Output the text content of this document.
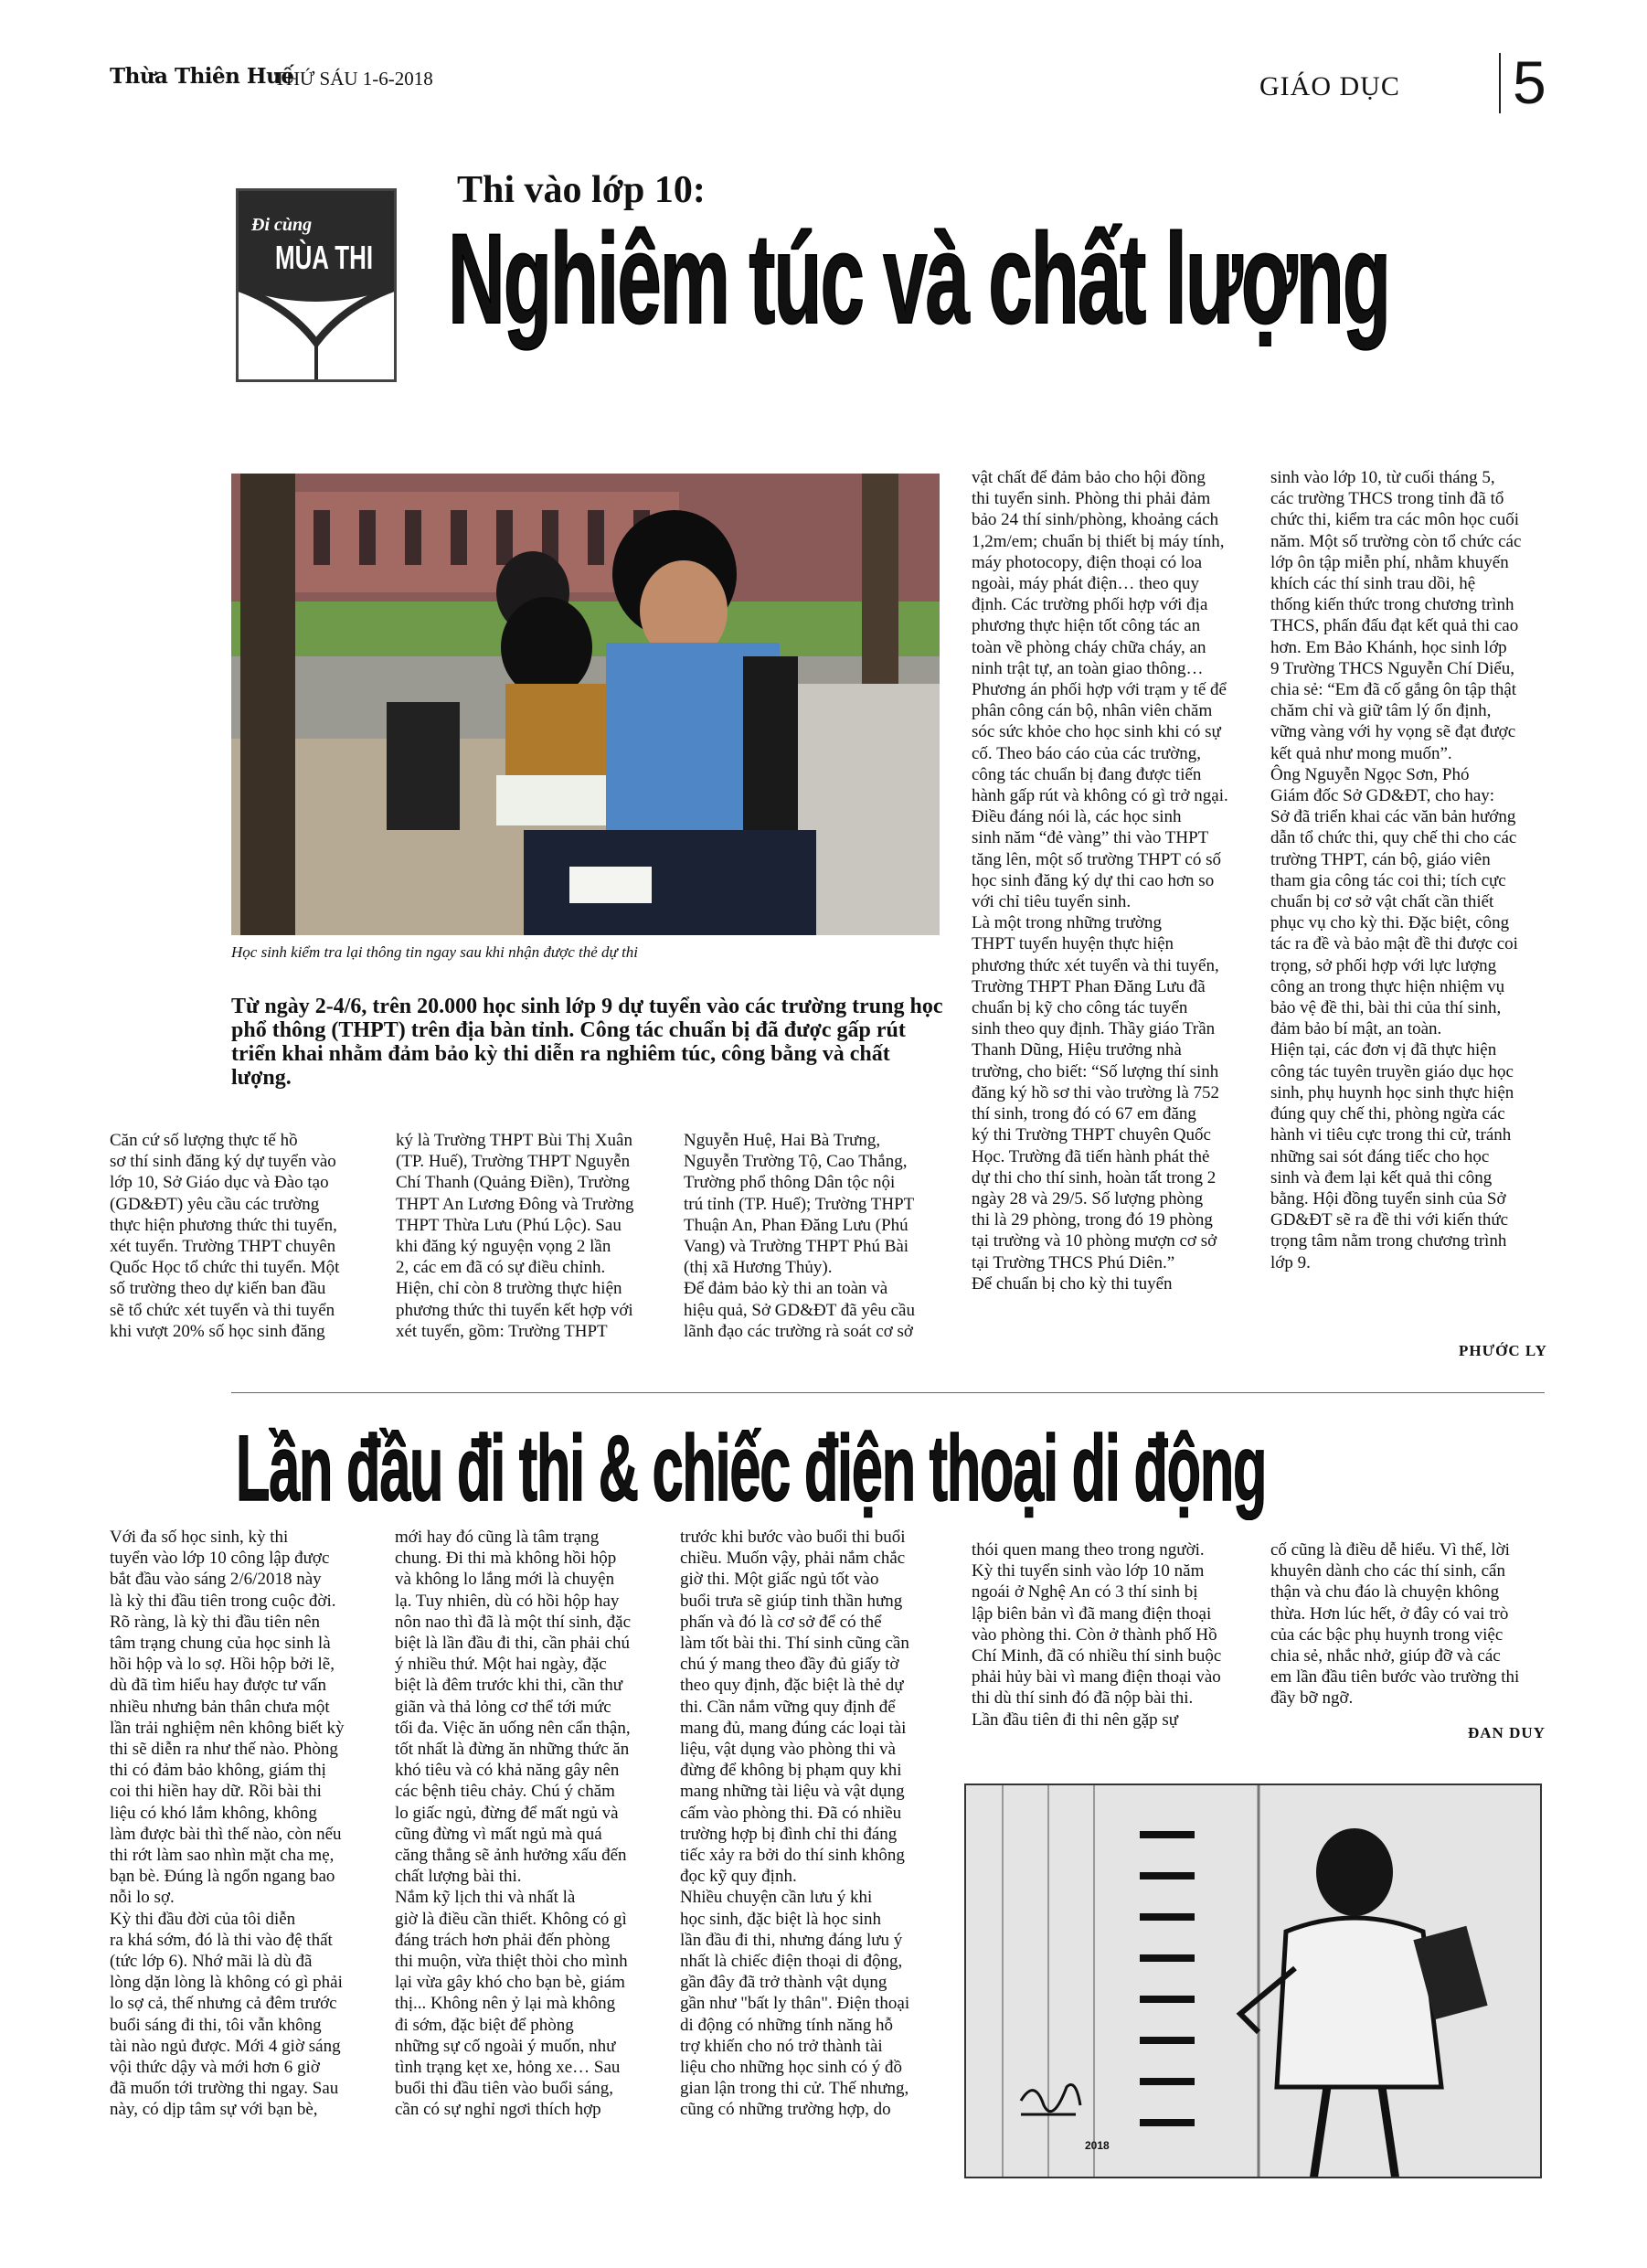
Thừa Thiên Huế
THỨ SÁU 1-6-2018	GIÁO DỤC 5
Đi cùng
MÙA THI
Thi vào lớp 10:
Nghiêm túc và chất lượng
Học sinh kiểm tra lại thông tin ngay sau khi nhận được thẻ dự thi
Từ ngày 2-4/6, trên 20.000 học sinh lớp 9 dự tuyển vào các trường trung học phổ thông (THPT) trên địa bàn tỉnh. Công tác chuẩn bị đã được gấp rút triển khai nhằm đảm bảo kỳ thi diễn ra nghiêm túc, công bằng và chất lượng.
Căn cứ số lượng thực tế hồ
sơ thí sinh đăng ký dự tuyển vào
lớp 10, Sở Giáo dục và Đào tạo
(GD&ĐT) yêu cầu các trường
thực hiện phương thức thi tuyển,
xét tuyển. Trường THPT chuyên
Quốc Học tổ chức thi tuyển. Một
số trường theo dự kiến ban đầu
sẽ tổ chức xét tuyển và thi tuyển
khi vượt 20% số học sinh đăng
ký là Trường THPT Bùi Thị Xuân
(TP. Huế), Trường THPT Nguyễn
Chí Thanh (Quảng Điền), Trường
THPT An Lương Đông và Trường
THPT Thừa Lưu (Phú Lộc). Sau
khi đăng ký nguyện vọng 2 lần
2, các em đã có sự điều chỉnh.
Hiện, chỉ còn 8 trường thực hiện
phương thức thi tuyển kết hợp với
xét tuyển, gồm: Trường THPT
Nguyễn Huệ, Hai Bà Trưng,
Nguyễn Trường Tộ, Cao Thắng,
Trường phổ thông Dân tộc nội
trú tỉnh (TP. Huế); Trường THPT
Thuận An, Phan Đăng Lưu (Phú
Vang) và Trường THPT Phú Bài
(thị xã Hương Thủy).
Để đảm bảo kỳ thi an toàn và
hiệu quả, Sở GD&ĐT đã yêu cầu
lãnh đạo các trường rà soát cơ sở
vật chất để đảm bảo cho hội đồng
thi tuyển sinh. Phòng thi phải đảm
bảo 24 thí sinh/phòng, khoảng cách
1,2m/em; chuẩn bị thiết bị máy tính,
máy photocopy, điện thoại có loa
ngoài, máy phát điện… theo quy
định. Các trường phối hợp với địa
phương thực hiện tốt công tác an
toàn về phòng cháy chữa cháy, an
ninh trật tự, an toàn giao thông…
Phương án phối hợp với trạm y tế để
phân công cán bộ, nhân viên chăm
sóc sức khỏe cho học sinh khi có sự
cố. Theo báo cáo của các trường,
công tác chuẩn bị đang được tiến
hành gấp rút và không có gì trở ngại.
Điều đáng nói là, các học sinh
sinh năm “đẻ vàng” thi vào THPT
tăng lên, một số trường THPT có số
học sinh đăng ký dự thi cao hơn so
với chỉ tiêu tuyển sinh.
Là một trong những trường
THPT tuyển huyện thực hiện
phương thức xét tuyển và thi tuyển,
Trường THPT Phan Đăng Lưu đã
chuẩn bị kỹ cho công tác tuyển
sinh theo quy định. Thầy giáo Trần
Thanh Dũng, Hiệu trưởng nhà
trường, cho biết: “Số lượng thí sinh
đăng ký hồ sơ thi vào trường là 752
thí sinh, trong đó có 67 em đăng
ký thi Trường THPT chuyên Quốc
Học. Trường đã tiến hành phát thẻ
dự thi cho thí sinh, hoàn tất trong 2
ngày 28 và 29/5. Số lượng phòng
thi là 29 phòng, trong đó 19 phòng
tại trường và 10 phòng mượn cơ sở
tại Trường THCS Phú Diên.”
Để chuẩn bị cho kỳ thi tuyển
sinh vào lớp 10, từ cuối tháng 5,
các trường THCS trong tỉnh đã tổ
chức thi, kiểm tra các môn học cuối
năm. Một số trường còn tổ chức các
lớp ôn tập miễn phí, nhằm khuyến
khích các thí sinh trau dồi, hệ
thống kiến thức trong chương trình
THCS, phấn đấu đạt kết quả thi cao
hơn. Em Bảo Khánh, học sinh lớp
9 Trường THCS Nguyễn Chí Diểu,
chia sẻ: “Em đã cố gắng ôn tập thật
chăm chỉ và giữ tâm lý ổn định,
vững vàng với hy vọng sẽ đạt được
kết quả như mong muốn”.
Ông Nguyễn Ngọc Sơn, Phó
Giám đốc Sở GD&ĐT, cho hay:
Sở đã triển khai các văn bản hướng
dẫn tổ chức thi, quy chế thi cho các
trường THPT, cán bộ, giáo viên
tham gia công tác coi thi; tích cực
chuẩn bị cơ sở vật chất cần thiết
phục vụ cho kỳ thi. Đặc biệt, công
tác ra đề và bảo mật đề thi được coi
trọng, sở phối hợp với lực lượng
công an trong thực hiện nhiệm vụ
bảo vệ đề thi, bài thi của thí sinh,
đảm bảo bí mật, an toàn.
Hiện tại, các đơn vị đã thực hiện
công tác tuyên truyền giáo dục học
sinh, phụ huynh học sinh thực hiện
đúng quy chế thi, phòng ngừa các
hành vi tiêu cực trong thi cử, tránh
những sai sót đáng tiếc cho học
sinh và đem lại kết quả thi công
bằng. Hội đồng tuyển sinh của Sở
GD&ĐT sẽ ra đề thi với kiến thức
trọng tâm nằm trong chương trình
lớp 9.
PHƯỚC LY
Lần đầu đi thi & chiếc điện thoại di động
Với đa số học sinh, kỳ thi
tuyển vào lớp 10 công lập được
bắt đầu vào sáng 2/6/2018 này
là kỳ thi đầu tiên trong cuộc đời.
Rõ ràng, là kỳ thi đầu tiên nên
tâm trạng chung của học sinh là
hồi hộp và lo sợ. Hồi hộp bởi lẽ,
dù đã tìm hiểu hay được tư vấn
nhiều nhưng bản thân chưa một
lần trải nghiệm nên không biết kỳ
thi sẽ diễn ra như thế nào. Phòng
thi có đảm bảo không, giám thị
coi thi hiền hay dữ. Rồi bài thi
liệu có khó lắm không, không
làm được bài thì thế nào, còn nếu
thi rớt làm sao nhìn mặt cha mẹ,
bạn bè. Đúng là ngổn ngang bao
nỗi lo sợ.
Kỳ thi đầu đời của tôi diễn
ra khá sớm, đó là thi vào đệ thất
(tức lớp 6). Nhớ mãi là dù đã
lòng dặn lòng là không có gì phải
lo sợ cả, thế nhưng cả đêm trước
buổi sáng đi thi, tôi vẫn không
tài nào ngủ được. Mới 4 giờ sáng
vội thức dậy và mới hơn 6 giờ
đã muốn tới trường thi ngay. Sau
này, có dịp tâm sự với bạn bè,
mới hay đó cũng là tâm trạng
chung. Đi thi mà không hồi hộp
và không lo lắng mới là chuyện
lạ. Tuy nhiên, dù có hồi hộp hay
nôn nao thì đã là một thí sinh, đặc
biệt là lần đầu đi thi, cần phải chú
ý nhiều thứ. Một hai ngày, đặc
biệt là đêm trước khi thi, cần thư
giãn và thả lỏng cơ thể tới mức
tối đa. Việc ăn uống nên cẩn thận,
tốt nhất là đừng ăn những thức ăn
khó tiêu và có khả năng gây nên
các bệnh tiêu chảy. Chú ý chăm
lo giấc ngủ, đừng để mất ngủ và
cũng đừng vì mất ngủ mà quá
căng thẳng sẽ ảnh hưởng xấu đến
chất lượng bài thi.
Nắm kỹ lịch thi và nhất là
giờ là điều cần thiết. Không có gì
đáng trách hơn phải đến phòng
thi muộn, vừa thiệt thòi cho mình
lại vừa gây khó cho bạn bè, giám
thị... Không nên ỷ lại mà không
đi sớm, đặc biệt để phòng
những sự cố ngoài ý muốn, như
tình trạng kẹt xe, hỏng xe… Sau
buổi thi đầu tiên vào buổi sáng,
cần có sự nghỉ ngơi thích hợp
trước khi bước vào buổi thi buổi
chiều. Muốn vậy, phải nắm chắc
giờ thi. Một giấc ngủ tốt vào
buổi trưa sẽ giúp tinh thần hưng
phấn và đó là cơ sở để có thể
làm tốt bài thi. Thí sinh cũng cần
chú ý mang theo đầy đủ giấy tờ
theo quy định, đặc biệt là thẻ dự
thi. Cần nắm vững quy định để
mang đủ, mang đúng các loại tài
liệu, vật dụng vào phòng thi và
đừng để không bị phạm quy khi
mang những tài liệu và vật dụng
cấm vào phòng thi. Đã có nhiều
trường hợp bị đình chỉ thi đáng
tiếc xảy ra bởi do thí sinh không
đọc kỹ quy định.
Nhiều chuyện cần lưu ý khi
học sinh, đặc biệt là học sinh
lần đầu đi thi, nhưng đáng lưu ý
nhất là chiếc điện thoại di động,
gần đây đã trở thành vật dụng
gần như "bất ly thân". Điện thoại
di động có những tính năng hỗ
trợ khiến cho nó trở thành tài
liệu cho những học sinh có ý đồ
gian lận trong thi cử. Thế nhưng,
cũng có những trường hợp, do
thói quen mang theo trong người.
Kỳ thi tuyển sinh vào lớp 10 năm
ngoái ở Nghệ An có 3 thí sinh bị
lập biên bản vì đã mang điện thoại
vào phòng thi. Còn ở thành phố Hồ
Chí Minh, đã có nhiều thí sinh buộc
phải hủy bài vì mang điện thoại vào
thi dù thí sinh đó đã nộp bài thi.
Lần đầu tiên đi thi nên gặp sự
cố cũng là điều dễ hiểu. Vì thế, lời
khuyên dành cho các thí sinh, cẩn
thận và chu đáo là chuyện không
thừa. Hơn lúc hết, ở đây có vai trò
của các bậc phụ huynh trong việc
chia sẻ, nhắc nhở, giúp đỡ và các
em lần đầu tiên bước vào trường thi
đầy bỡ ngỡ.
ĐAN DUY
2018
